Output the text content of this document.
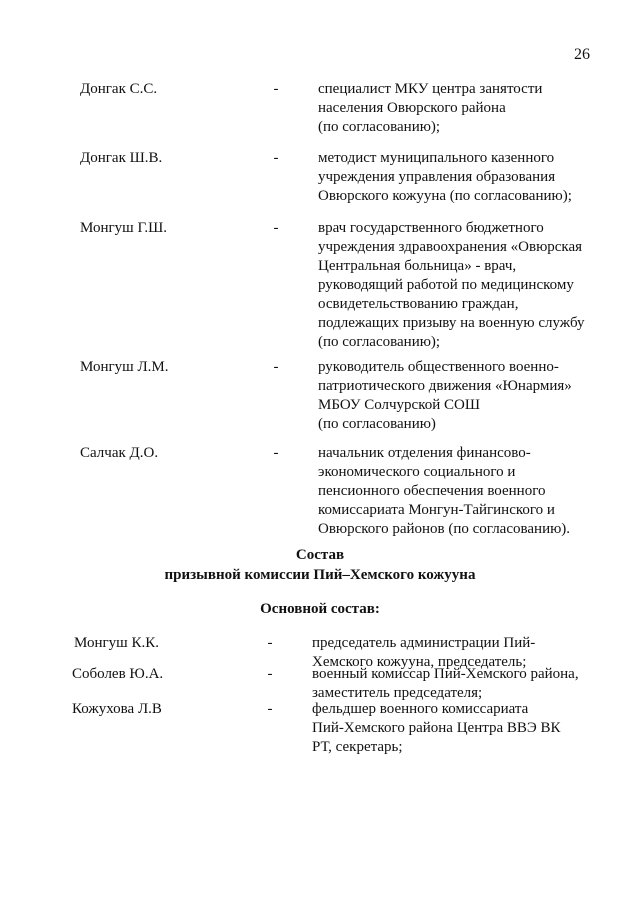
26
Донгак С.С.	-	специалист МКУ центра занятости
населения Овюрского района
(по согласованию);
Донгак Ш.В.	-	методист муниципального казенного
учреждения управления образования
Овюрского кожууна (по согласованию);
Монгуш Г.Ш.	-	врач государственного бюджетного
учреждения здравоохранения «Овюрская
Центральная больница» - врач,
руководящий работой по медицинскому
освидетельствованию граждан,
подлежащих призыву на военную службу
(по согласованию);
Монгуш Л.М.	-	руководитель общественного военно-
патриотического движения «Юнармия»
МБОУ Солчурской СОШ
(по согласованию)
Салчак Д.О.	-	начальник отделения финансово-
экономического социального и
пенсионного обеспечения военного
комиссариата Монгун-Тайгинского и
Овюрского районов (по согласованию).
Состав
призывной комиссии Пий–Хемского кожууна
Основной состав:
Монгуш К.К.	-	председатель администрации Пий-
Хемского кожууна, председатель;
Соболев Ю.А.	-	военный комиссар Пий-Хемского района,
заместитель председателя;
Кожухова Л.В	-	фельдшер военного комиссариата
Пий-Хемского района Центра ВВЭ ВК
РТ, секретарь;
